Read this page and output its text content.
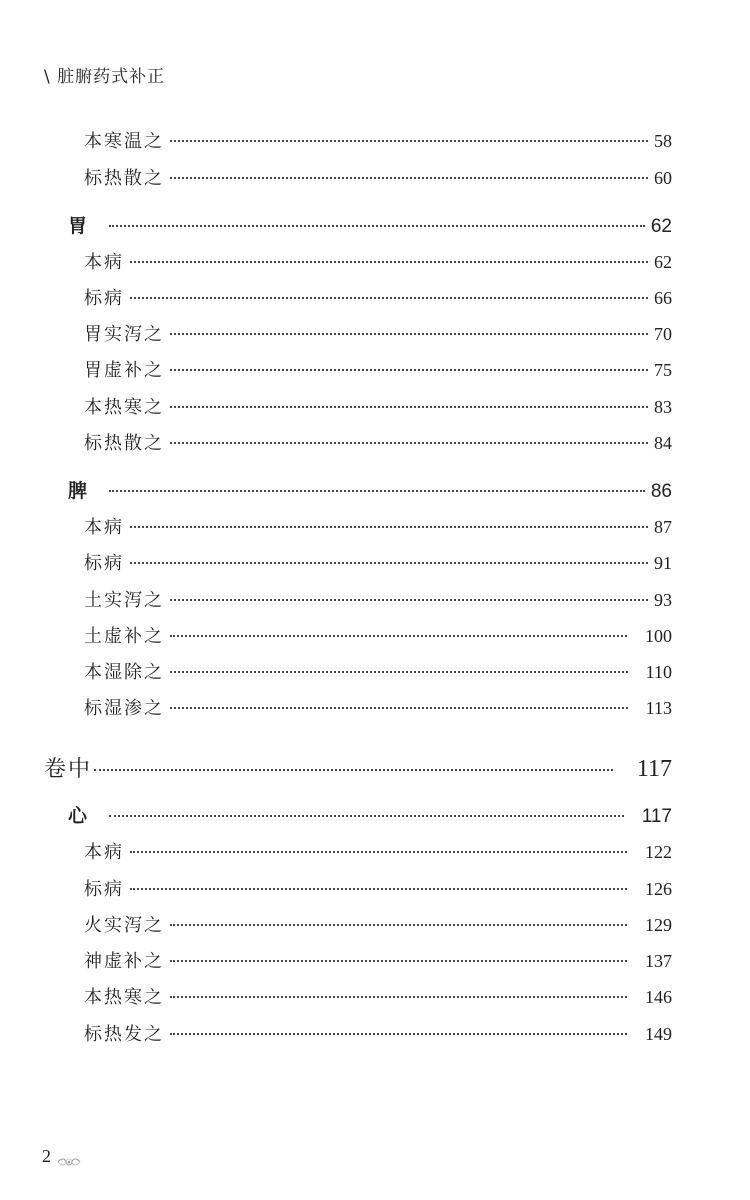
\ 脏腑药式补正
本寒温之	58
标热散之	60
胃	62
本病	62
标病	66
胃实泻之	70
胃虚补之	75
本热寒之	83
标热散之	84
脾	86
本病	87
标病	91
土实泻之	93
土虚补之	100
本湿除之	110
标湿渗之	113
卷中	117
心	117
本病	122
标病	126
火实泻之	129
神虚补之	137
本热寒之	146
标热发之	149
2
